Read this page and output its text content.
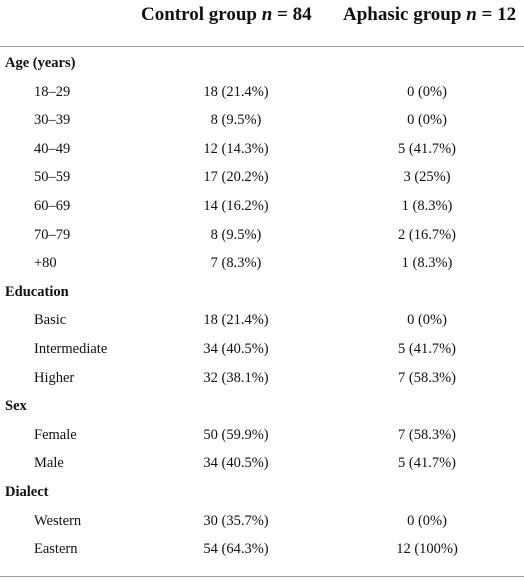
Control group n = 84 Aphasic group n = 12
Age (years)
18–29	18 (21.4%)	0 (0%)
30–39	8 (9.5%)	0 (0%)
40–49	12 (14.3%)	5 (41.7%)
50–59	17 (20.2%)	3 (25%)
60–69	14 (16.2%)	1 (8.3%)
70–79	8 (9.5%)	2 (16.7%)
+80	7 (8.3%)	1 (8.3%)
Education
Basic	18 (21.4%)	0 (0%)
Intermediate	34 (40.5%)	5 (41.7%)
Higher	32 (38.1%)	7 (58.3%)
Sex
Female	50 (59.9%)	7 (58.3%)
Male	34 (40.5%)	5 (41.7%)
Dialect
Western	30 (35.7%)	0 (0%)
Eastern	54 (64.3%)	12 (100%)
